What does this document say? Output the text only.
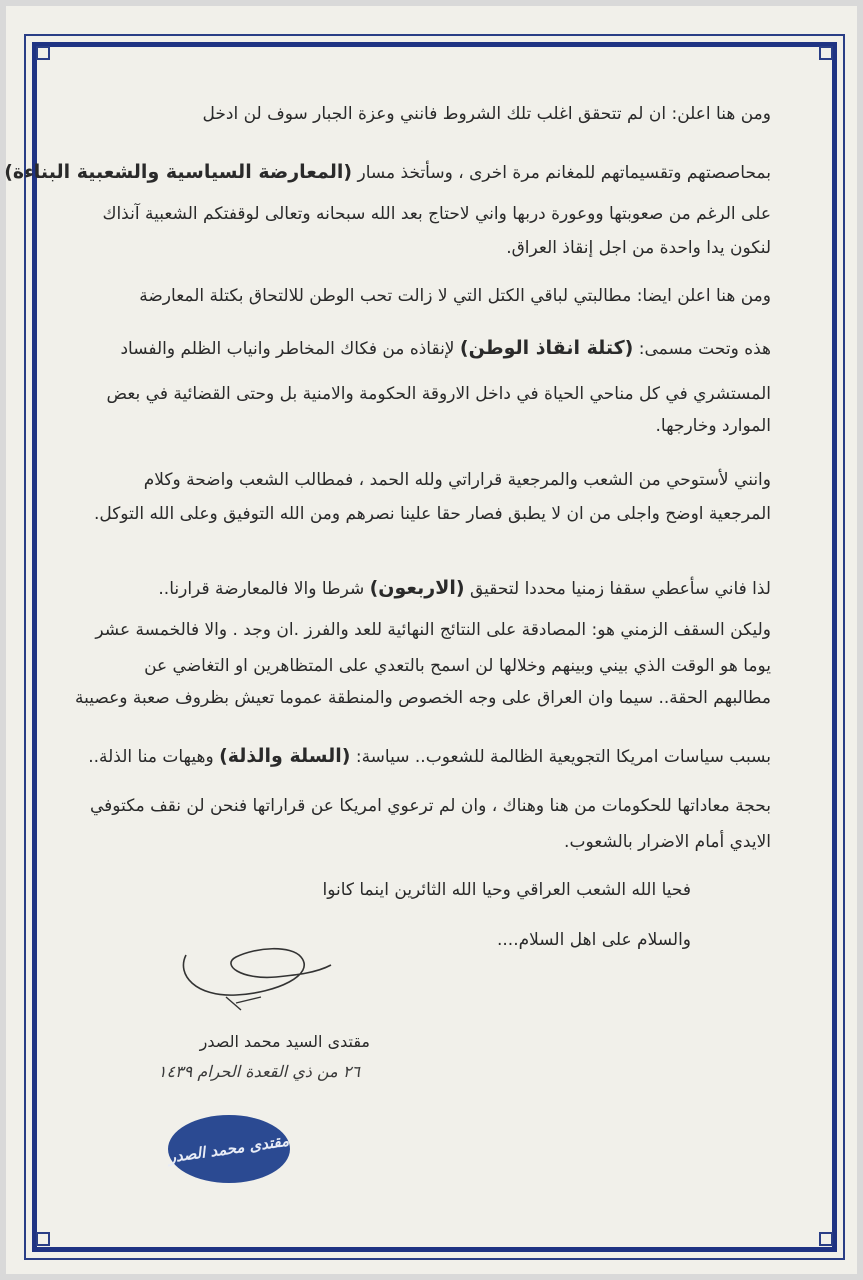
ومن هنا اعلن: ان لم تتحقق اغلب تلك الشروط فانني وعزة الجبار سوف لن ادخل
بمحاصصتهم وتقسيماتهم للمغانم مرة اخرى ، وسأتخذ مسار (المعارضة السياسية والشعبية البناءة)
على الرغم من صعوبتها ووعورة دربها واني لاحتاج بعد الله سبحانه وتعالى لوقفتكم الشعبية آنذاك
لنكون يدا واحدة من اجل إنقاذ العراق.
ومن هنا اعلن ايضا: مطالبتي لباقي الكتل التي لا زالت تحب الوطن للالتحاق بكتلة المعارضة
هذه وتحت مسمى: (كتلة انقاذ الوطن) لإنقاذه من فكاك المخاطر وانياب الظلم والفساد
المستشري في كل مناحي الحياة في داخل الاروقة الحكومة والامنية بل وحتى القضائية في بعض
الموارد وخارجها.
وانني لأستوحي من الشعب والمرجعية قراراتي ولله الحمد ، فمطالب الشعب واضحة وكلام
المرجعية اوضح واجلى من ان لا يطبق فصار حقا علينا نصرهم ومن الله التوفيق وعلى الله التوكل.
لذا فاني سأعطي سقفا زمنيا محددا لتحقيق (الاربعون) شرطا والا فالمعارضة قرارنا..
وليكن السقف الزمني هو: المصادقة على النتائج النهائية للعد والفرز .ان وجد . والا فالخمسة عشر
يوما هو الوقت الذي بيني وبينهم وخلالها لن اسمح بالتعدي على المتظاهرين او التغاضي عن
مطالبهم الحقة.. سيما وان العراق على وجه الخصوص والمنطقة عموما تعيش بظروف صعبة وعصيبة
بسبب سياسات امريكا التجويعية الظالمة للشعوب.. سياسة: (السلة والذلة) وهيهات منا الذلة..
بحجة معاداتها للحكومات من هنا وهناك ، وان لم ترعوي امريكا عن قراراتها فنحن لن نقف مكتوفي
الايدي أمام الاضرار بالشعوب.
فحيا الله الشعب العراقي وحيا الله الثائرين اينما كانوا
والسلام على اهل السلام....
مقتدى السيد محمد الصدر
٢٦ من ذي القعدة الحرام ١٤٣٩
مقتدى محمد الصدر
